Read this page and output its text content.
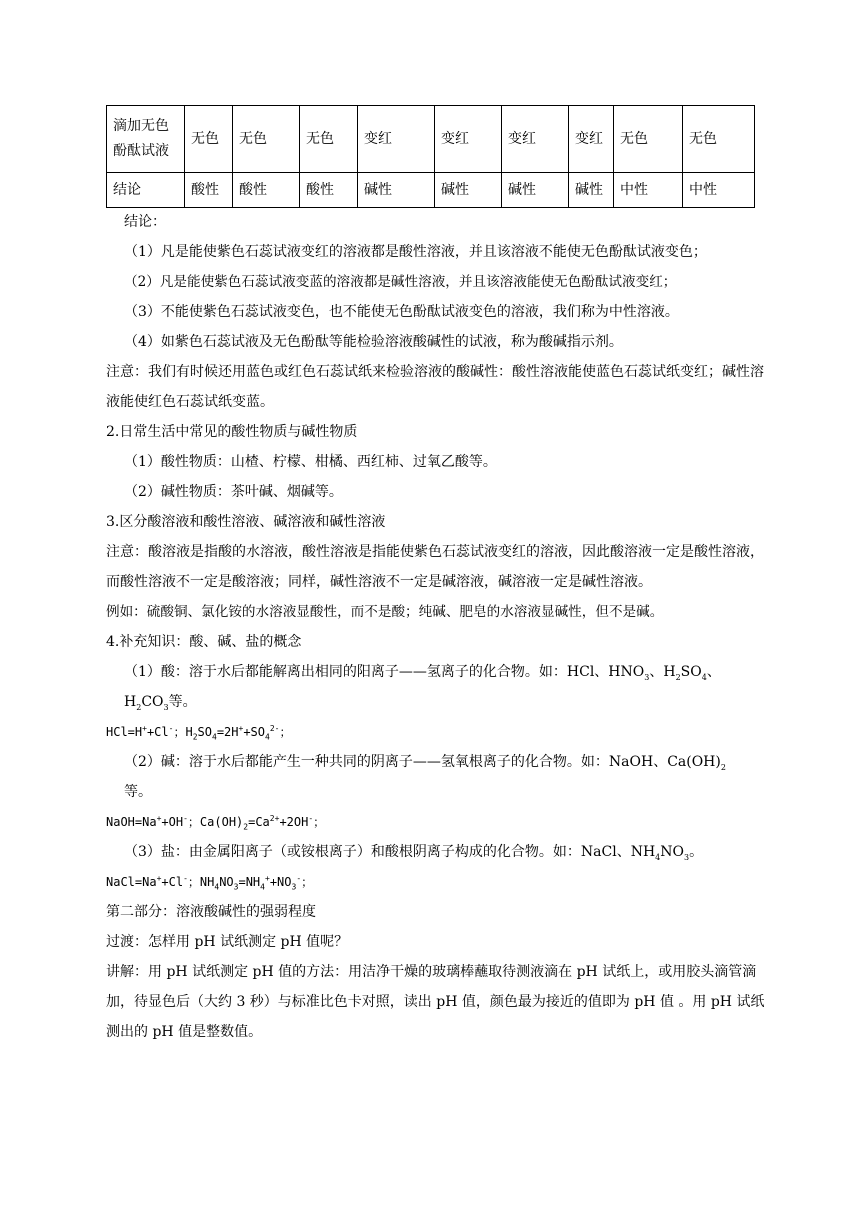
滴加无色酚酞试液	无色	无色	无色	变红	变红	变红	变红	无色	无色
结论	酸性	酸性	酸性	碱性	碱性	碱性	碱性	中性	中性

结论：

（1）凡是能使紫色石蕊试液变红的溶液都是酸性溶液，并且该溶液不能使无色酚酞试液变色；

（2）凡是能使紫色石蕊试液变蓝的溶液都是碱性溶液，并且该溶液能使无色酚酞试液变红；

（3）不能使紫色石蕊试液变色，也不能使无色酚酞试液变色的溶液，我们称为中性溶液。

（4）如紫色石蕊试液及无色酚酞等能检验溶液酸碱性的试液，称为酸碱指示剂。

注意：我们有时候还用蓝色或红色石蕊试纸来检验溶液的酸碱性：酸性溶液能使蓝色石蕊试纸变红；碱性溶液能使红色石蕊试纸变蓝。

2.日常生活中常见的酸性物质与碱性物质

（1）酸性物质：山楂、柠檬、柑橘、西红柿、过氧乙酸等。

（2）碱性物质：茶叶碱、烟碱等。

3.区分酸溶液和酸性溶液、碱溶液和碱性溶液

注意：酸溶液是指酸的水溶液，酸性溶液是指能使紫色石蕊试液变红的溶液，因此酸溶液一定是酸性溶液，而酸性溶液不一定是酸溶液；同样，碱性溶液不一定是碱溶液，碱溶液一定是碱性溶液。

例如：硫酸铜、氯化铵的水溶液显酸性，而不是酸；纯碱、肥皂的水溶液显碱性，但不是碱。

4.补充知识：酸、碱、盐的概念

（1）酸：溶于水后都能解离出相同的阳离子——氢离子的化合物。如：HCl、$HNO_3$、$H_2SO_4$、
$H_2CO_3$等。

HCl=H++Cl-；$H_2SO_4=2H^++SO_4^{2-}$；

（2）碱：溶于水后都能产生一种共同的阴离子——氢氧根离子的化合物。如：NaOH、$Ca(OH)_2$
等。

NaOH=Na++OH-；$Ca(OH)_2=Ca^{2+}+2OH^-$；

（3）盐：由金属阳离子（或铵根离子）和酸根阴离子构成的化合物。如：NaCl、$NH_4NO_3$。

NaCl=Na++Cl-；$NH_4NO_3=NH_4^++NO_3^-$；

第二部分：溶液酸碱性的强弱程度

过渡：怎样用 pH 试纸测定 pH 值呢？

讲解：用 pH 试纸测定 pH 值的方法：用洁净干燥的玻璃棒蘸取待测液滴在 pH 试纸上，或用胶头滴管滴加，待显色后（大约 3 秒）与标准比色卡对照，读出 pH 值，颜色最为接近的值即为 pH 值 。用 pH 试纸测出的 pH 值是整数值。
